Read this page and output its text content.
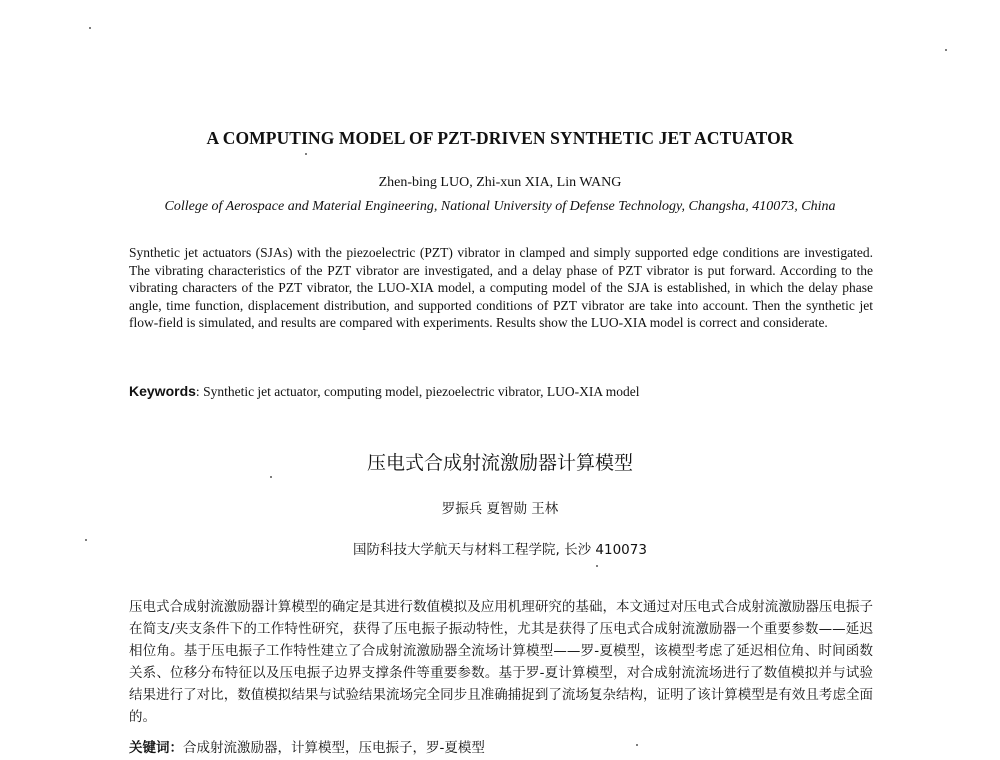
A COMPUTING MODEL OF PZT-DRIVEN SYNTHETIC JET ACTUATOR
Zhen-bing LUO, Zhi-xun XIA, Lin WANG
College of Aerospace and Material Engineering, National University of Defense Technology, Changsha, 410073, China
Synthetic jet actuators (SJAs) with the piezoelectric (PZT) vibrator in clamped and simply supported edge conditions are investigated. The vibrating characteristics of the PZT vibrator are investigated, and a delay phase of PZT vibrator is put forward. According to the vibrating characters of the PZT vibrator, the LUO-XIA model, a computing model of the SJA is established, in which the delay phase angle, time function, displacement distribution, and supported conditions of PZT vibrator are take into account. Then the synthetic jet flow-field is simulated, and results are compared with experiments. Results show the LUO-XIA model is correct and considerate.
Keywords: Synthetic jet actuator, computing model, piezoelectric vibrator, LUO-XIA model
压电式合成射流激励器计算模型
罗振兵 夏智勋 王林
国防科技大学航天与材料工程学院, 长沙 410073
压电式合成射流激励器计算模型的确定是其进行数值模拟及应用机理研究的基础，本文通过对压电式合成射流激励器压电振子在简支/夹支条件下的工作特性研究，获得了压电振子振动特性，尤其是获得了压电式合成射流激励器一个重要参数——延迟相位角。基于压电振子工作特性建立了合成射流激励器全流场计算模型——罗-夏模型，该模型考虑了延迟相位角、时间函数关系、位移分布特征以及压电振子边界支撑条件等重要参数。基于罗-夏计算模型，对合成射流流场进行了数值模拟并与试验结果进行了对比，数值模拟结果与试验结果流场完全同步且准确捕捉到了流场复杂结构，证明了该计算模型是有效且考虑全面的。
关键词：合成射流激励器，计算模型，压电振子，罗-夏模型
